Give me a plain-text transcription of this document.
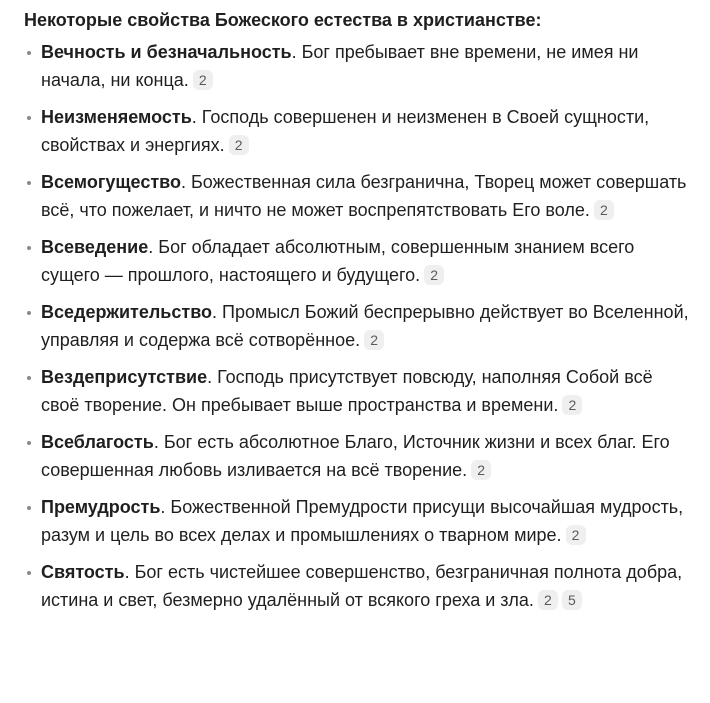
Некоторые свойства Божеского естества в христианстве:
Вечность и безначальность. Бог пребывает вне времени, не имея ни начала, ни конца. 2
Неизменяемость. Господь совершенен и неизменен в Своей сущности, свойствах и энергиях. 2
Всемогущество. Божественная сила безгранична, Творец может совершать всё, что пожелает, и ничто не может воспрепятствовать Его воле. 2
Всеведение. Бог обладает абсолютным, совершенным знанием всего сущего — прошлого, настоящего и будущего. 2
Вседержительство. Промысл Божий беспрерывно действует во Вселенной, управляя и содержа всё сотворённое. 2
Вездеприсутствие. Господь присутствует повсюду, наполняя Собой всё своё творение. Он пребывает выше пространства и времени. 2
Всеблагость. Бог есть абсолютное Благо, Источник жизни и всех благ. Его совершенная любовь изливается на всё творение. 2
Премудрость. Божественной Премудрости присущи высочайшая мудрость, разум и цель во всех делах и промышлениях о тварном мире. 2
Святость. Бог есть чистейшее совершенство, безграничная полнота добра, истина и свет, безмерно удалённый от всякого греха и зла. 2 5
